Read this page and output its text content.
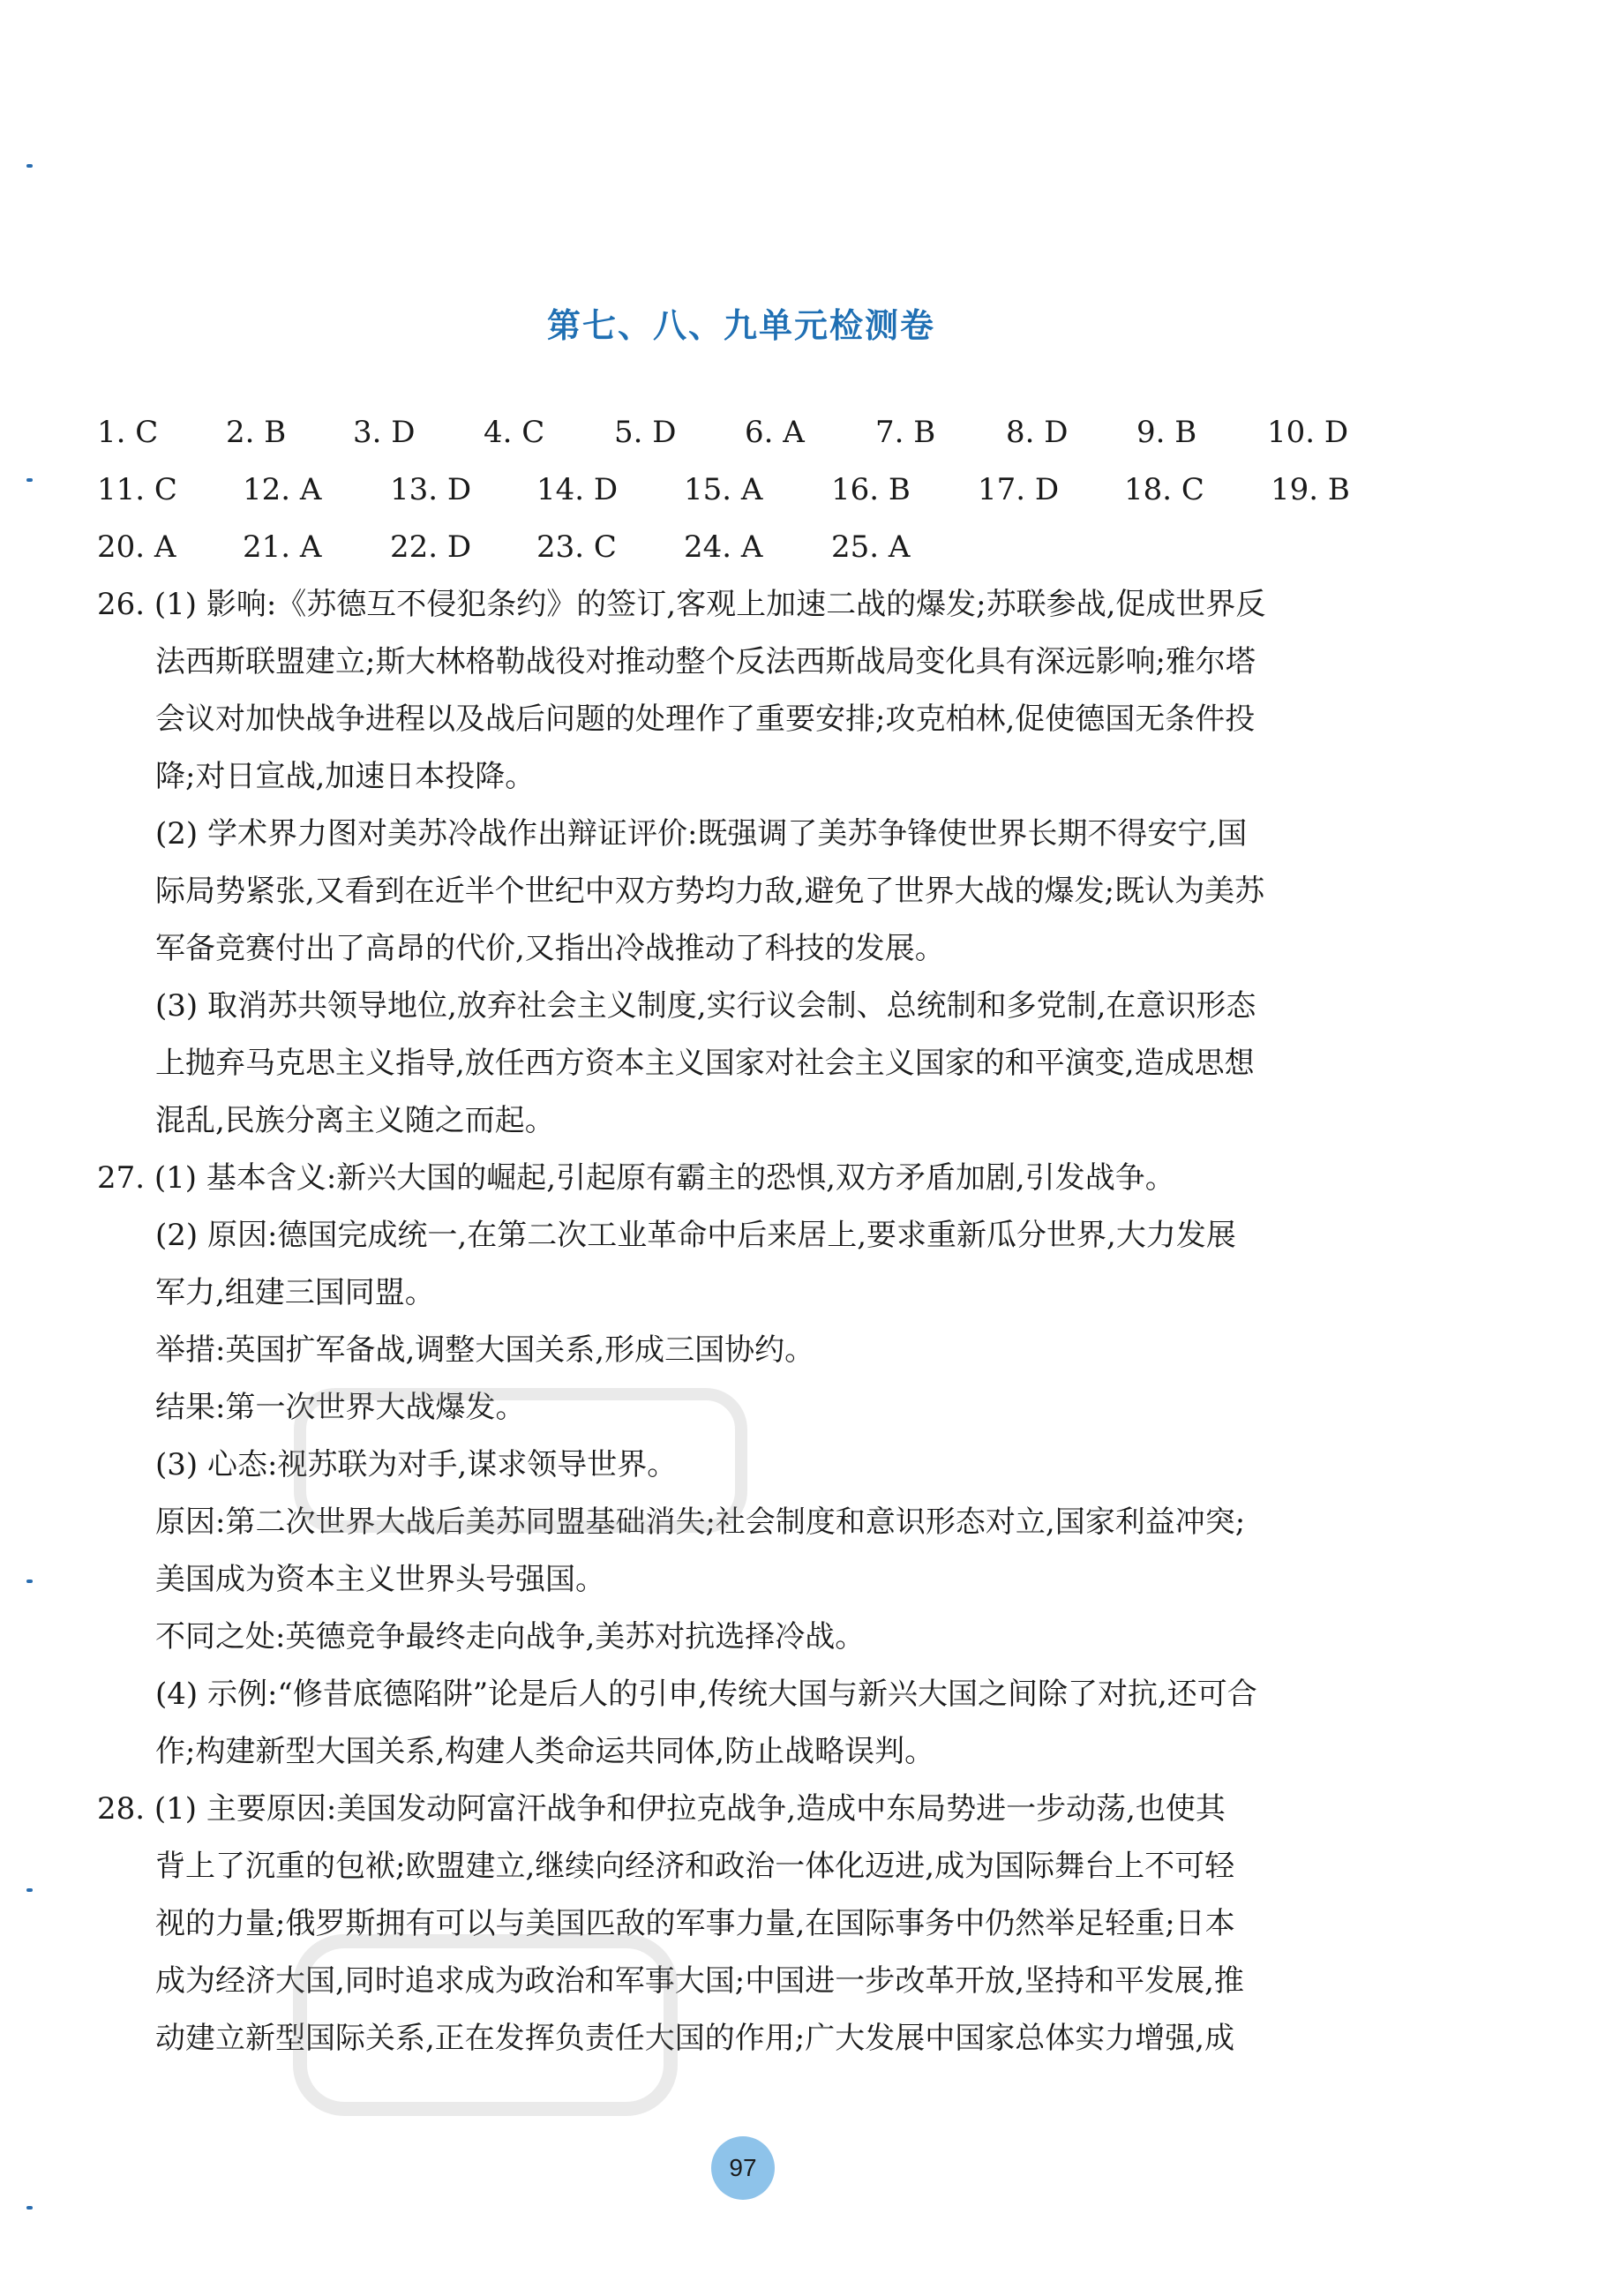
第七、八、九单元检测卷
1. C 2. B 3. D 4. C 5. D 6. A 7. B 8. D 9. B 10. D
11. C 12. A 13. D 14. D 15. A 16. B 17. D 18. C 19. B
20. A 21. A 22. D 23. C 24. A 25. A
26. (1) 影响:《苏德互不侵犯条约》的签订,客观上加速二战的爆发;苏联参战,促成世界反
法西斯联盟建立;斯大林格勒战役对推动整个反法西斯战局变化具有深远影响;雅尔塔
会议对加快战争进程以及战后问题的处理作了重要安排;攻克柏林,促使德国无条件投
降;对日宣战,加速日本投降。
(2) 学术界力图对美苏冷战作出辩证评价:既强调了美苏争锋使世界长期不得安宁,国
际局势紧张,又看到在近半个世纪中双方势均力敌,避免了世界大战的爆发;既认为美苏
军备竞赛付出了高昂的代价,又指出冷战推动了科技的发展。
(3) 取消苏共领导地位,放弃社会主义制度,实行议会制、总统制和多党制,在意识形态
上抛弃马克思主义指导,放任西方资本主义国家对社会主义国家的和平演变,造成思想
混乱,民族分离主义随之而起。
27. (1) 基本含义:新兴大国的崛起,引起原有霸主的恐惧,双方矛盾加剧,引发战争。
(2) 原因:德国完成统一,在第二次工业革命中后来居上,要求重新瓜分世界,大力发展
军力,组建三国同盟。
举措:英国扩军备战,调整大国关系,形成三国协约。
结果:第一次世界大战爆发。
(3) 心态:视苏联为对手,谋求领导世界。
原因:第二次世界大战后美苏同盟基础消失;社会制度和意识形态对立,国家利益冲突;
美国成为资本主义世界头号强国。
不同之处:英德竞争最终走向战争,美苏对抗选择冷战。
(4) 示例:“修昔底德陷阱”论是后人的引申,传统大国与新兴大国之间除了对抗,还可合
作;构建新型大国关系,构建人类命运共同体,防止战略误判。
28. (1) 主要原因:美国发动阿富汗战争和伊拉克战争,造成中东局势进一步动荡,也使其
背上了沉重的包袱;欧盟建立,继续向经济和政治一体化迈进,成为国际舞台上不可轻
视的力量;俄罗斯拥有可以与美国匹敌的军事力量,在国际事务中仍然举足轻重;日本
成为经济大国,同时追求成为政治和军事大国;中国进一步改革开放,坚持和平发展,推
动建立新型国际关系,正在发挥负责任大国的作用;广大发展中国家总体实力增强,成
97
